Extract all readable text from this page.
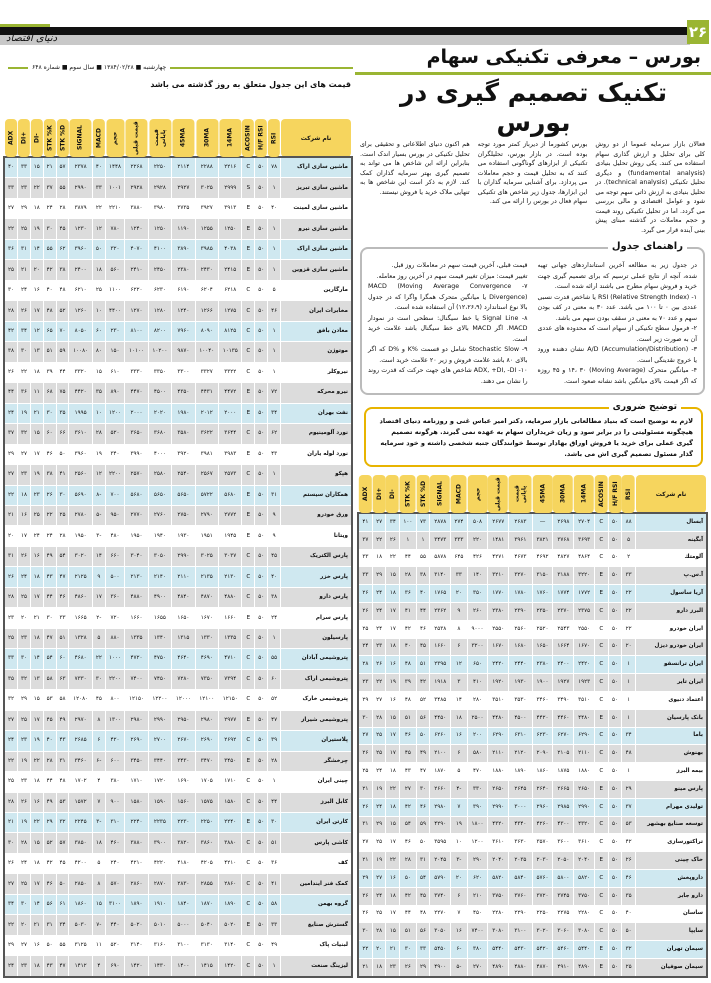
۲۶
دنیای اقتصاد
بورس – معرفی تکنیکی سهام
چهارشنبه ■ ۱۳۸۴/۰۲/۲۸ ■ سال سوم ■ شماره ۶۴۸
قیمت های این جدول متعلق به روز گذشته می باشد	تکنیک تصمیم گیری در بورس

فعالان بازار سرمایه عموما از دو روش کلی برای تحلیل و ارزش گذاری سهام استفاده می کنند. یکی روش تحلیل بنیادی (fundamental analysis) و دیگری تحلیل تکنیکی (technical analysis). در تحلیل بنیادی به ارزش ذاتی سهم توجه می شود و عوامل اقتصادی و مالی بررسی می گردد. اما در تحلیل تکنیکی روند قیمت و حجم معاملات در گذشته مبنای پیش بینی آینده قرار می گیرد.

بورس کشورما از دیرباز کمتر مورد توجه بوده است. در بازار بورس، تحلیلگران تکنیکی از ابزارهای گوناگونی استفاده می کنند که به تحلیل قیمت و حجم معاملات می پردازد. برای آشنایی سرمایه گذاران با این ابزارها، جدول زیر شاخص های تکنیکی سهام فعال در بورس را ارائه می کند.

هم اکنون دنیای اطلاعاتی و تحقیقی برای تحلیل تکنیکی در بورس بسیار اندک است. بنابراین ارائه این شاخص ها می تواند به تصمیم گیری بهتر سرمایه گذاران کمک کند. لازم به ذکر است این شاخص ها به تنهایی ملاک خرید یا فروش نیستند.

راهنمای جدول

در جدول زیر به مطالعه آخرین استانداردهای جهانی تهیه شده، آنچه از نتایج عملی ترسیم که برای تصمیم گیری جهت خرید و فروش سهام مطرح می باشند ارائه شده است.
۱- RSI (Relative Strength Index) یا شاخص قدرت نسبی عددی بین ۰ تا ۱۰۰ می باشد. عدد ۳۰ به معنی در کف بودن سهم و عدد ۷۰ به معنی در سقف بودن سهم می باشد.
۲- فرمول سطح تکنیکی از سهام است که محدوده های عددی آن به صورت زیر است.
۳- A/D (Accumulation/Distribution) نشان دهنده ورود یا خروج نقدینگی است.
۴- میانگین متحرک (Moving Average) ۱۴، ۳۰ و ۴۵ روزه که اگر قیمت بالای میانگین باشد نشانه صعود است.

قیمت قبلی، آخرین قیمت سهم در معاملات روز قبل.
تغییر قیمت: میزان تغییر قیمت سهم در آخرین روز معامله.
۷- MACD (Moving Average Convergence Divergence) یا میانگین متحرک همگرا واگرا که در جدول بالا نوع استاندارد (۱۲،۲۶،۹) آن استفاده شده است.
۸- Signal Line یا خط سیگنال: سطحی است در نمودار MACD. اگر MACD بالای خط سیگنال باشد علامت خرید است.
۹- Stochastic Slow شامل دو قسمت %K و %D که اگر بالای ۸۰ باشد علامت فروش و زیر ۲۰ علامت خرید است.
۱۰- ADX, +DI, -DI شاخص های جهت حرکت که قدرت روند را نشان می دهند.

توضیح ضروری
لازم به توضیح است که بنیاد مطالعاتی بازار سرمایه، دکتر امیر عباس غنی و روزنامه دنیای اقتصاد هیچگونه مسئولیتی را در برابر سود و زیان خریداران سهام به عهده نمی گیرند. هرگونه تصمیم گیری عملی برای خرید یا فروش اوراق بهادار توسط خوانندگان جنبه شخصی داشته و خود سرمایه گذار مسئول تصمیم گیری اش می باشد.
نام شرکت	RSI	H/F RSI	ACOSIN	14MA	30MA	45MA	قیمت پایانی	قیمت قبلی	حجم	MACD	SIGNAL	STK %D	STK %K	-DI	+DI	ADX
آبسال	۸۸	۵۰	C	۲۷۰۴	۲۶۹۸	—	۲۶۸۳	۲۶۷۷	۵۰۸	۲۷۴	۲۸۷۸	۷۳	۱۰۰	۳۴	۲۷	۴۱
آبگینه	۵	۵۰	C	۳۶۹۳	۳۷۶۸	۳۸۲۱	۳۹۶۱	۱۴۸۱	۲۲۰	۳۳۳	۳۴۷۳	۱	۱	۲۶	۲۲	۳۷
آلومتك	۲	۵۰	C	۴۸۶۴	۴۸۲۷	۴۶۹۲	۴۶۷۳	۴۲۷۱	۴۲۶	۶۴۵	۵۸۷۸	۵۵	۴۴	۲۲	۱۸	۳۳
آ.س.پ	۳۳	۵۰	E	۳۲۲۰	۳۱۸۸	۳۱۵۰	۳۲۷۰	۳۲۱۰	۱۴۰	۳۳	۳۱۴۰	۳۸	۲۸	۱۵	۲۹	۳۳
آریا ساسول	۲۲	۵۰	E	۱۷۷۲	۱۷۷۴	۱۷۶۰	۱۷۸۰	۱۷۷۰	۳۵۰	۲۰	۱۷۶۵	۴۰	۳۶	۱۸	۲۴	۲۶
البرز دارو	۲۲	۵۰	C	۲۳۷۵	۲۳۷۰	۲۳۵۰	۲۳۹۰	۲۳۸۰	۲۶۰	۹	۲۳۶۲	۴۴	۴۱	۱۷	۲۴	۲۶
ایران خودرو	۲۲	۵۰	C	۲۵۵۰	۲۵۴۳	۲۵۲۰	۲۵۶۰	۲۵۵۰	۹۰۰۰	۸	۲۵۳۸	۴۶	۴۲	۱۷	۲۴	۲۵
ایران خودرو دیزل	۲۰	۵۰	C	۱۶۷۰	۱۶۶۴	۱۶۵۰	۱۶۸۰	۱۶۷۰	۳۲۰۰	۶	۱۶۶۰	۴۵	۴۰	۱۸	۲۳	۲۴
ایران ترانسفو	۱	۵۰	C	۲۴۲۰	۲۴۰۰	۲۳۸۰	۲۴۴۰	۲۴۲۰	۶۵۰	۱۲	۲۳۹۵	۵۱	۴۸	۱۶	۲۶	۲۸
ایران تایر	۱	۵۰	C	۱۹۲۳	۱۹۲۷	۱۹۰۰	۱۹۳۰	۱۹۲۰	۴۱۰	۳	۱۹۱۸	۴۲	۳۹	۱۹	۲۲	۲۳
اعتماد دنیوی	۱	۵۰	C	۳۵۱۰	۳۴۹۰	۳۴۶۰	۳۵۳۰	۳۵۱۰	۲۸۰	۱۴	۳۴۸۵	۵۲	۴۸	۱۶	۲۷	۲۹
بانک پارسیان	۱	۵۰	E	۴۴۸۰	۴۴۶۰	۴۴۲۰	۴۵۰۰	۴۴۸۰	۲۵۰۰	۱۸	۴۴۵۰	۵۶	۵۱	۱۵	۲۸	۳۰
باما	۳۴	۵۰	C	۶۲۹۰	۶۲۷۰	۶۲۳۰	۶۳۱۰	۶۲۹۰	۲۰۰	۱۶	۶۲۶۰	۵۰	۴۶	۱۷	۲۵	۲۷
بهنوش	۴۸	۵۰	C	۲۱۱۰	۲۱۰۵	۲۰۹۰	۲۱۲۰	۲۱۱۰	۵۸۰	۶	۲۱۰۰	۴۹	۴۵	۱۷	۲۵	۲۶
بیمه البرز	۱	۵۰	C	۱۸۸۰	۱۸۷۵	۱۸۶۰	۱۸۹۰	۱۸۸۰	۴۷۰	۵	۱۸۷۰	۴۷	۴۳	۱۸	۲۴	۲۵
پارس مینو	۲۹	۵۰	E	۲۶۵۰	۲۶۶۵	۲۶۴۰	۲۶۴۵	۲۶۵۰	۳۳۰	-۴	۲۶۶۰	۳۰	۲۷	۲۲	۱۹	۲۱
تولیدی مهرام	۳۷	۵۰	C	۲۹۹۰	۲۹۸۵	۲۹۶۰	۳۰۰۰	۲۹۹۰	۳۹۰	۷	۲۹۸۰	۴۶	۴۲	۱۸	۲۴	۲۶
توسعه صنایع بهشهر	۵۳	۵۰	C	۴۳۲۰	۴۳۰۰	۴۲۶۰	۴۳۴۰	۴۳۲۰	۱۸۰۰	۱۹	۴۲۹۰	۵۹	۵۴	۱۵	۲۹	۳۱
تراکتورسازی	۴۲	۵۰	C	۳۶۱۰	۳۶۰۰	۳۵۷۰	۳۶۳۰	۳۶۱۰	۱۲۰۰	۱۰	۳۵۹۵	۵۰	۴۶	۱۷	۲۵	۲۷
خاک چینی	۲۶	۵۰	E	۲۰۴۰	۲۰۵۰	۲۰۳۰	۲۰۳۵	۲۰۴۰	۲۹۰	-۳	۲۰۴۵	۳۱	۲۸	۲۲	۱۹	۲۱
داروپخش	۴۶	۵۰	C	۵۸۲۰	۵۸۰۰	۵۷۶۰	۵۸۴۰	۵۸۲۰	۶۲۰	۲۰	۵۷۹۰	۵۴	۵۰	۱۶	۲۷	۲۹
دارو جابر	۳۵	۵۰	C	۳۷۵۰	۳۷۴۵	۳۷۲۰	۳۷۶۰	۳۷۵۰	۲۱۰	۶	۳۷۴۰	۴۵	۴۲	۱۸	۲۴	۲۶
ساسان	۴۰	۵۰	C	۲۲۸۰	۲۲۷۵	۲۲۵۰	۲۲۹۰	۲۲۸۰	۴۵۰	۷	۲۲۷۰	۴۸	۴۴	۱۷	۲۵	۲۶
سایپا	۵۰	۵۰	C	۳۰۸۰	۳۰۶۰	۳۰۲۰	۳۱۰۰	۳۰۸۰	۷۴۰۰	۱۶	۳۰۵۰	۵۶	۵۱	۱۵	۲۸	۳۰
سیمان تهران	۳۲	۵۰	E	۵۴۴۰	۵۴۶۰	۵۴۲۰	۵۴۳۰	۵۴۴۰	۳۸۰	-۶	۵۴۵۰	۳۳	۳۰	۲۱	۲۰	۲۲
سیمان صوفیان	۲۵	۵۰	E	۴۸۹۰	۴۹۱۰	۴۸۷۰	۴۸۸۰	۴۸۹۰	۲۷۰	-۵	۴۹۰۰	۲۹	۲۶	۲۳	۱۸	۲۱
نام شرکت	RSI	H/F RSI	ACOSIN	14MA	30MA	45MA	قیمت پایانی	قیمت قبلی	حجم	MACD	SIGNAL	STK %D	STK %K	-DI	+DI	ADX
ماشین سازی اراک	۷۸	۵۰	C	۲۲۱۶	۲۲۸۸	۲۱۱۴	۲۲۵۰	۲۲۶۸	۱۴۴۸	۴۰	۲۳۷۸	۵۷	۲۱	۱۵	۳۳	۴۰
ماشین سازی تبریز	۱	۵۰	S	۲۹۹۹	۳۰۲۵	۲۹۲۷	۲۹۲۸	۲۹۲۸	۱۰۰۱	۳۳	۲۹۹۰	۵۵	۳۷	۲۲	۲۳	۳۳
ماشین سازی لمینت	۴۰	۵۰	E	۳۹۱۳	۳۹۲۷	۳۷۳۵	۳۹۸۰	۳۸۸۰	۲۲۱۰	۲۲	۳۸۷۹	۲۸	۲۴	۱۸	۲۹	۲۷
ماشین سازی نیرو	۱	۵۰	E	۱۲۵۰	۱۲۵۵	۱۱۹۰	۱۲۵۰	۱۲۴۰	۷۸۰	۱۲	۱۲۳۰	۴۵	۳۰	۱۹	۲۵	۲۲
ماشین سازی اراک	۱	۵۰	E	۴۰۳۸	۳۹۸۵	۳۸۹۰	۴۱۰۰	۴۰۷۰	۳۲۰	۵۰	۳۹۶۰	۶۲	۵۵	۱۴	۳۱	۳۶
ماشین سازی قزوین	۱	۵۰	E	۲۴۱۵	۲۴۳۰	۲۳۸۰	۲۴۵۰	۲۴۱۰	۵۶۰	۱۸	۲۴۰۰	۳۸	۴۲	۲۰	۲۱	۲۵
مارگارین	۵	۵۰	C	۶۲۱۸	۶۲۰۴	۶۱۹۰	۶۲۳۰	۶۲۲۰	۱۱۰۰	۲۵	۶۲۱۰	۴۸	۴۰	۱۶	۲۴	۳۰
مخابرات ایران	۴۶	۵۰	C	۱۲۷۵	۱۲۶۶	۱۲۴۰	۱۲۸۰	۱۲۷۰	۴۴۰۰	۱۰	۱۲۶۰	۵۲	۴۸	۱۷	۲۶	۲۸
معادن بافق	۱	۵۰	C	۸۱۲۵	۸۰۹۰	۷۹۶۰	۸۲۰۰	۸۱۰۰	۲۳۰	۶۰	۸۰۵۰	۷۰	۶۵	۱۲	۳۴	۴۲
موتوژن	۱	۵۰	C	۱۰۱۳۵	۱۰۰۴۰	۹۸۷۰	۱۰۲۰۰	۱۰۱۰۰	۱۵۰	۸۰	۱۰۰۸۰	۵۹	۵۱	۱۳	۳۰	۳۸
نیروکلر	۱	۵۰	C	۳۳۲۲	۳۳۲۷	۳۳۰۰	۳۳۵۰	۳۳۳۰	۶۱۰	۱۵	۳۳۲۰	۴۴	۳۹	۱۸	۲۲	۲۶
نیرو محرکه	۷۲	۵۰	E	۴۴۷۲	۴۴۳۱	۴۳۵۰	۴۵۰۰	۴۴۷۰	۸۹۰	۳۵	۴۴۲۰	۷۵	۶۸	۱۱	۳۶	۴۴
نفت بهران	۳۴	۵۰	E	۲۰۰۰	۲۰۱۲	۱۹۸۰	۲۰۲۰	۲۰۰۰	۱۲۰۰	۱۰	۱۹۹۵	۳۵	۳۰	۲۱	۱۹	۲۴
نورد آلومینیوم	۶۲	۵۰	C	۳۶۴۴	۳۶۲۲	۳۵۸۰	۳۶۸۰	۳۶۵۰	۵۲۰	۲۸	۳۶۱۰	۶۶	۶۰	۱۵	۳۲	۳۷
نورد لوله یاران	۴۳	۵۰	E	۳۹۸۳	۳۹۸۱	۳۹۲۰	۴۰۰۰	۳۹۹۰	۳۴۰	۱۹	۳۹۶۰	۵۰	۴۶	۱۷	۲۷	۲۹
هپکو	۱	۵۰	C	۲۵۷۳	۲۵۶۷	۲۵۴۰	۲۵۸۰	۲۵۷۰	۲۲۰۰	۱۲	۲۵۶۰	۴۱	۳۸	۱۹	۲۳	۲۷
همکاران سیستم	۳۱	۵۰	E	۵۶۸۰	۵۷۲۲	۵۶۵۰	۵۶۵۰	۵۶۸۰	۷۰۰	-۸	۵۶۹۰	۳۰	۲۶	۲۳	۱۸	۲۲
ورق خودرو	۹	۵۰	E	۲۷۷۲	۲۷۹۰	۲۷۵۰	۲۷۶۰	۲۷۷۰	۹۵۰	-۵	۲۷۸۰	۲۵	۲۲	۲۵	۱۶	۲۱
ویتانا	۹	۵۰	E	۱۹۴۵	۱۹۵۱	۱۹۳۰	۱۹۴۰	۱۹۵۰	۴۸۰	-۳	۱۹۵۰	۲۸	۲۴	۲۴	۱۷	۲۰
پارس الکتریک	۴۵	۵۰	C	۳۰۳۷	۳۰۲۵	۲۹۹۰	۳۰۵۰	۳۰۴۰	۶۶۰	۱۴	۳۰۲۰	۵۴	۴۹	۱۶	۲۶	۳۱
پارس خزر	۴۰	۵۰	C	۲۱۳۰	۲۱۳۵	۲۱۱۰	۲۱۴۰	۲۱۳۰	۵۰۰	۹	۲۱۲۵	۴۷	۴۳	۱۸	۲۴	۲۶
پارس دارو	۳۸	۵۰	C	۴۸۸۰	۴۸۷۰	۴۸۴۰	۴۹۰۰	۴۸۸۰	۳۶۰	۱۷	۴۸۶۰	۴۶	۴۴	۱۷	۲۵	۲۸
پارس سرام	۲۴	۵۰	E	۱۶۶۰	۱۶۷۰	۱۶۵۰	۱۶۵۵	۱۶۶۰	۷۲۰	-۲	۱۶۶۵	۳۳	۳۰	۲۱	۲۰	۲۳
پارسیلون	۱	۵۰	C	۱۳۳۵	۱۳۳۰	۱۳۱۵	۱۳۴۰	۱۳۳۵	۸۸۰	۵	۱۳۲۸	۵۱	۴۷	۱۸	۲۳	۲۵
پتروشیمی آبادان	۵۵	۵۰	C	۴۷۱۰	۴۶۹۰	۴۶۴۰	۴۷۵۰	۴۷۲۰	۱۰۰۰	۲۲	۴۶۸۰	۶۰	۵۴	۱۴	۳۰	۳۳
پتروشیمی اراک	۶۰	۵۰	C	۷۳۹۴	۷۳۵۰	۷۲۸۰	۷۴۵۰	۷۴۰۰	۲۲۰۰	۳۰	۷۳۳۰	۶۳	۵۸	۱۳	۳۲	۳۵
پتروشیمی خارک	۵۲	۵۰	C	۱۲۱۵۰	۱۲۱۰۰	۱۲۰۰۰	۱۲۲۰۰	۱۲۱۵۰	۸۰۰	۴۵	۱۲۰۸۰	۵۸	۵۳	۱۵	۲۹	۳۲
پتروشیمی شیراز	۴۷	۵۰	E	۲۹۷۷	۲۹۸۰	۲۹۵۰	۲۹۹۰	۲۹۸۰	۱۳۰۰	۸	۲۹۷۰	۴۹	۴۵	۱۷	۲۵	۲۷
پلاستیران	۳۹	۵۰	C	۲۶۹۲	۲۶۹۰	۲۶۷۰	۲۷۰۰	۲۶۹۰	۴۲۰	۶	۲۶۸۵	۴۳	۴۰	۱۹	۲۳	۲۴
چرخشگر	۲۸	۵۰	E	۳۴۵۰	۳۴۷۰	۳۴۳۰	۳۴۴۰	۳۴۵۰	۶۰۰	-۶	۳۴۶۰	۳۱	۲۸	۲۲	۱۹	۲۲
چینی ایران	۱	۵۰	C	۱۷۱۰	۱۷۰۵	۱۶۹۰	۱۷۲۰	۱۷۱۰	۳۸۰	۴	۱۷۰۲	۴۸	۴۴	۱۸	۲۳	۲۵
کابل البرز	۴۴	۵۰	C	۱۵۸۰	۱۵۷۵	۱۵۶۰	۱۵۹۰	۱۵۸۰	۹۰۰	۷	۱۵۷۲	۵۳	۴۹	۱۶	۲۶	۲۸
کارتن ایران	۳۰	۵۰	E	۲۲۴۰	۲۲۵۰	۲۲۳۰	۲۲۳۵	۲۲۴۰	۳۱۰	-۳	۲۲۴۵	۳۲	۲۹	۲۲	۱۹	۲۱
کاشی پارس	۵۱	۵۰	C	۳۸۸۰	۳۸۶۰	۳۸۲۰	۳۹۰۰	۳۸۸۰	۴۶۰	۱۸	۳۸۵۰	۵۷	۵۲	۱۵	۲۸	۳۰
کف	۳۶	۵۰	C	۴۲۱۰	۴۲۰۵	۴۱۸۰	۴۲۲۰	۴۲۱۰	۲۴۰	۵	۴۲۰۰	۴۵	۴۲	۱۸	۲۴	۲۶
کمک فنر ایندامین	۴۱	۵۰	C	۲۸۶۰	۲۸۵۵	۲۸۳۰	۲۸۷۰	۲۸۶۰	۵۷۰	۸	۲۸۵۰	۵۰	۴۶	۱۷	۲۵	۲۷
گروه بهمن	۵۸	۵۰	C	۱۸۹۰	۱۸۷۰	۱۸۴۰	۱۹۱۰	۱۸۹۰	۳۱۰۰	۱۵	۱۸۶۰	۶۱	۵۶	۱۴	۳۰	۳۴
گسترش صنایع	۳۳	۵۰	E	۵۰۲۰	۵۰۴۰	۵۰۰۰	۵۰۱۰	۵۰۲۰	۴۴۰	-۷	۵۰۳۰	۳۴	۳۱	۲۱	۲۰	۲۲
لبنیات پاک	۴۹	۵۰	C	۳۱۴۰	۳۱۳۰	۳۱۰۰	۳۱۶۰	۳۱۴۰	۵۲۰	۱۱	۳۱۲۵	۵۵	۵۰	۱۶	۲۷	۲۹
لیزینگ صنعت	۱	۵۰	C	۱۴۲۰	۱۴۱۵	۱۴۰۰	۱۴۳۰	۱۴۲۰	۶۹۰	۴	۱۴۱۲	۴۷	۴۳	۱۸	۲۳	۲۴
